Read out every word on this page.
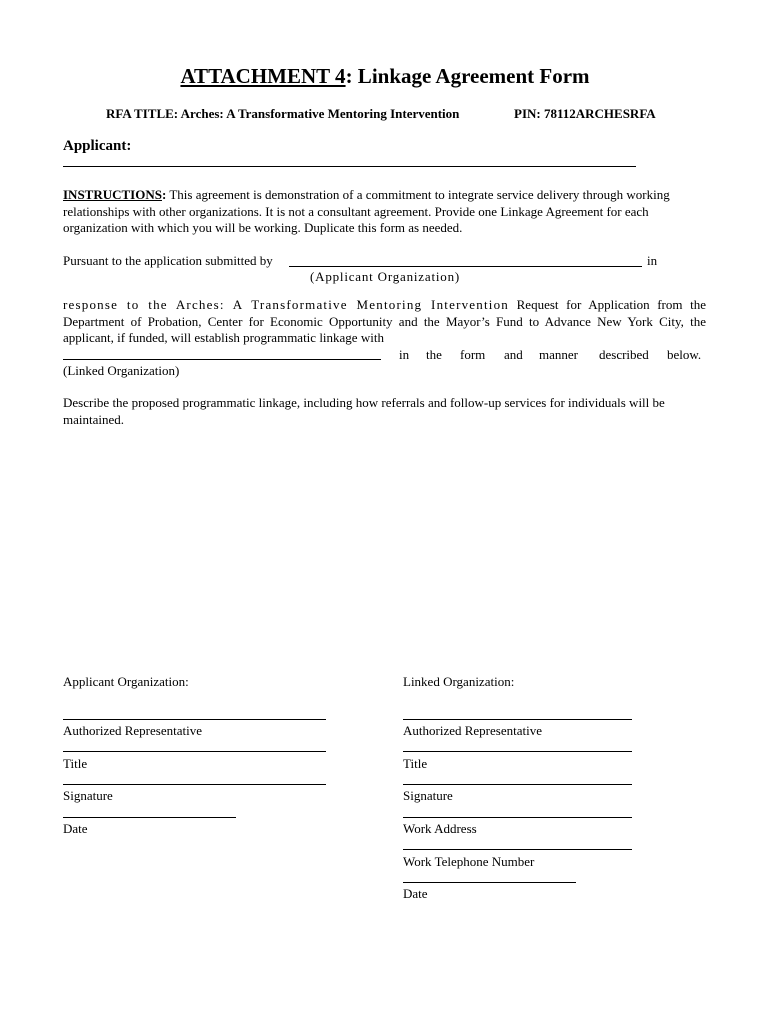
ATTACHMENT 4: Linkage Agreement Form
RFA TITLE: Arches: A Transformative Mentoring Intervention	PIN: 78112ARCHESRFA
Applicant:
INSTRUCTIONS: This agreement is demonstration of a commitment to integrate service delivery through working relationships with other organizations. It is not a consultant agreement. Provide one Linkage Agreement for each organization with which you will be working. Duplicate this form as needed.
Pursuant to the application submitted by	in
(Applicant Organization)
response to the Arches: A Transformative Mentoring Intervention Request for Application from the Department of Probation, Center for Economic Opportunity and the Mayor’s Fund to Advance New York City, the applicant, if funded, will establish programmatic linkage with
in the form and manner described below.
(Linked Organization)
Describe the proposed programmatic linkage, including how referrals and follow-up services for individuals will be maintained.
Applicant Organization:
Authorized Representative
Title
Signature
Date
Linked Organization:
Authorized Representative
Title
Signature
Work Address
Work Telephone Number
Date
